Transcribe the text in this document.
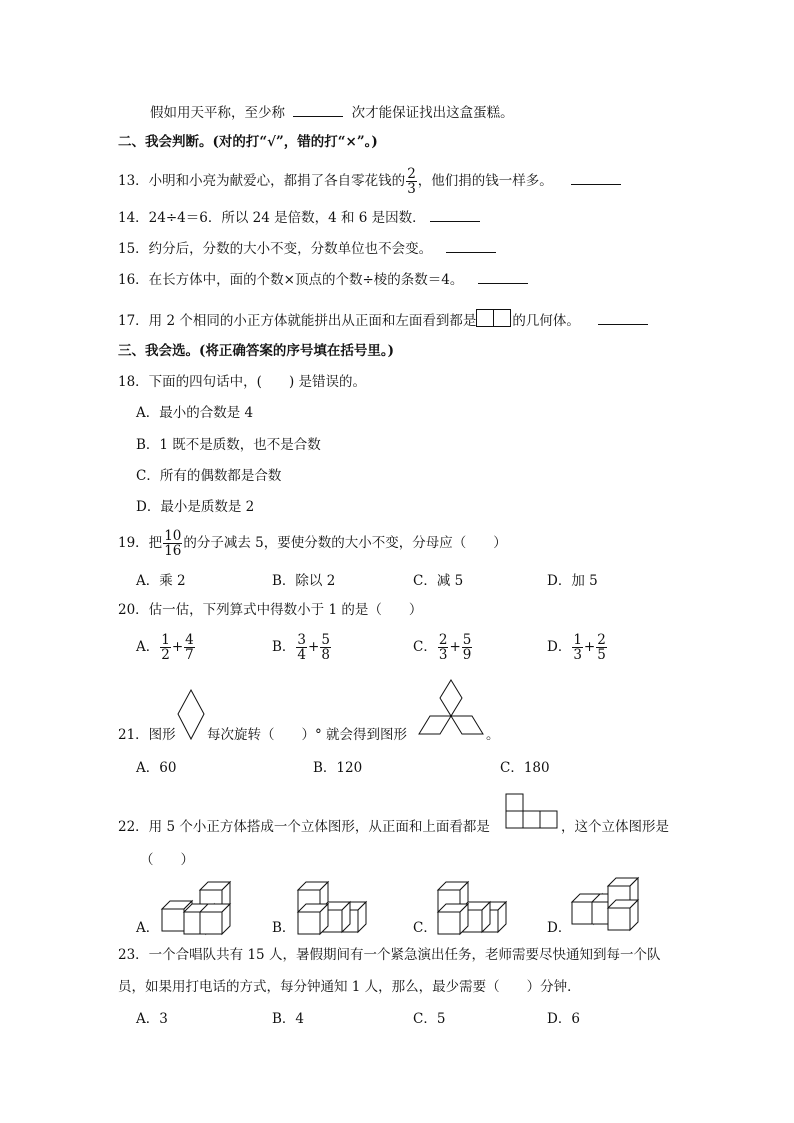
假如用天平称，至少称	次才能保证找出这盒蛋糕。
二、我会判断。(对的打“√”，错的打“×”。)
13．小明和小亮为献爱心，都捐了各自零花钱的 $\frac{2}{3}$ ，他们捐的钱一样多。
14．24÷4＝6．所以 24 是倍数，4 和 6 是因数．
15．约分后，分数的大小不变，分数单位也不会变。
16．在长方体中，面的个数×顶点的个数÷棱的条数＝4。
17．用 2 个相同的小正方体就能拼出从正面和左面看到都是	的几何体。
三、我会选。(将正确答案的序号填在括号里。)
18．下面的四句话中，(　　) 是错误的。
A．最小的合数是 4
B．1 既不是质数，也不是合数
C．所有的偶数都是合数
D．最小是质数是 2
19．把 $\frac{10}{16}$ 的分子减去 5，要使分数的大小不变，分母应（　　）
A．乘 2	B．除以 2	C．减 5	D．加 5
20．估一估，下列算式中得数小于 1 的是（　　）
A． $\frac{1}{2} + \frac{4}{7}$	B． $\frac{3}{4} + \frac{5}{8}$	C． $\frac{2}{3} + \frac{5}{9}$	D． $\frac{1}{3} + \frac{2}{5}$
21．图形 每次旋转（　　）° 就会得到图形	。
A．60	B．120	C．180
22．用 5 个小正方体搭成一个立体图形，从正面和上面看都是	，这个立体图形是
（　　）
A．	B．	C．	D．
23．一个合唱队共有 15 人，暑假期间有一个紧急演出任务，老师需要尽快通知到每一个队
员，如果用打电话的方式，每分钟通知 1 人，那么，最少需要（　　）分钟．
A．3	B．4	C．5	D．6
